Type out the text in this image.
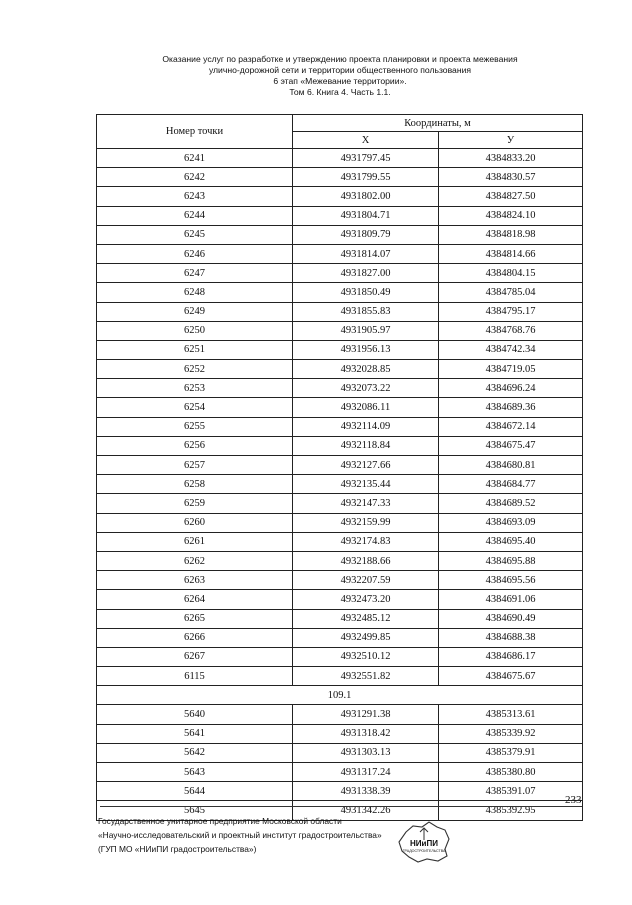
Оказание услуг по разработке и утверждению проекта планировки и проекта межевания
улично-дорожной сети и территории общественного пользования
6 этап «Межевание территории».
Том 6. Книга 4. Часть 1.1.
Номер точки	Координаты, м	
	X	У
6241	4931797.45	4384833.20
6242	4931799.55	4384830.57
6243	4931802.00	4384827.50
6244	4931804.71	4384824.10
6245	4931809.79	4384818.98
6246	4931814.07	4384814.66
6247	4931827.00	4384804.15
6248	4931850.49	4384785.04
6249	4931855.83	4384795.17
6250	4931905.97	4384768.76
6251	4931956.13	4384742.34
6252	4932028.85	4384719.05
6253	4932073.22	4384696.24
6254	4932086.11	4384689.36
6255	4932114.09	4384672.14
6256	4932118.84	4384675.47
6257	4932127.66	4384680.81
6258	4932135.44	4384684.77
6259	4932147.33	4384689.52
6260	4932159.99	4384693.09
6261	4932174.83	4384695.40
6262	4932188.66	4384695.88
6263	4932207.59	4384695.56
6264	4932473.20	4384691.06
6265	4932485.12	4384690.49
6266	4932499.85	4384688.38
6267	4932510.12	4384686.17
6115	4932551.82	4384675.67
109.1		
5640	4931291.38	4385313.61
5641	4931318.42	4385339.92
5642	4931303.13	4385379.91
5643	4931317.24	4385380.80
5644	4931338.39	4385391.07
5645	4931342.26	4385392.95
233
Государственное унитарное предприятие Московской области
«Научно-исследовательский и проектный институт градостроительства»
(ГУП МО «НИиПИ градостроительства»)
НИиПИ
ГРАДОСТРОИТЕЛЬСТВА
